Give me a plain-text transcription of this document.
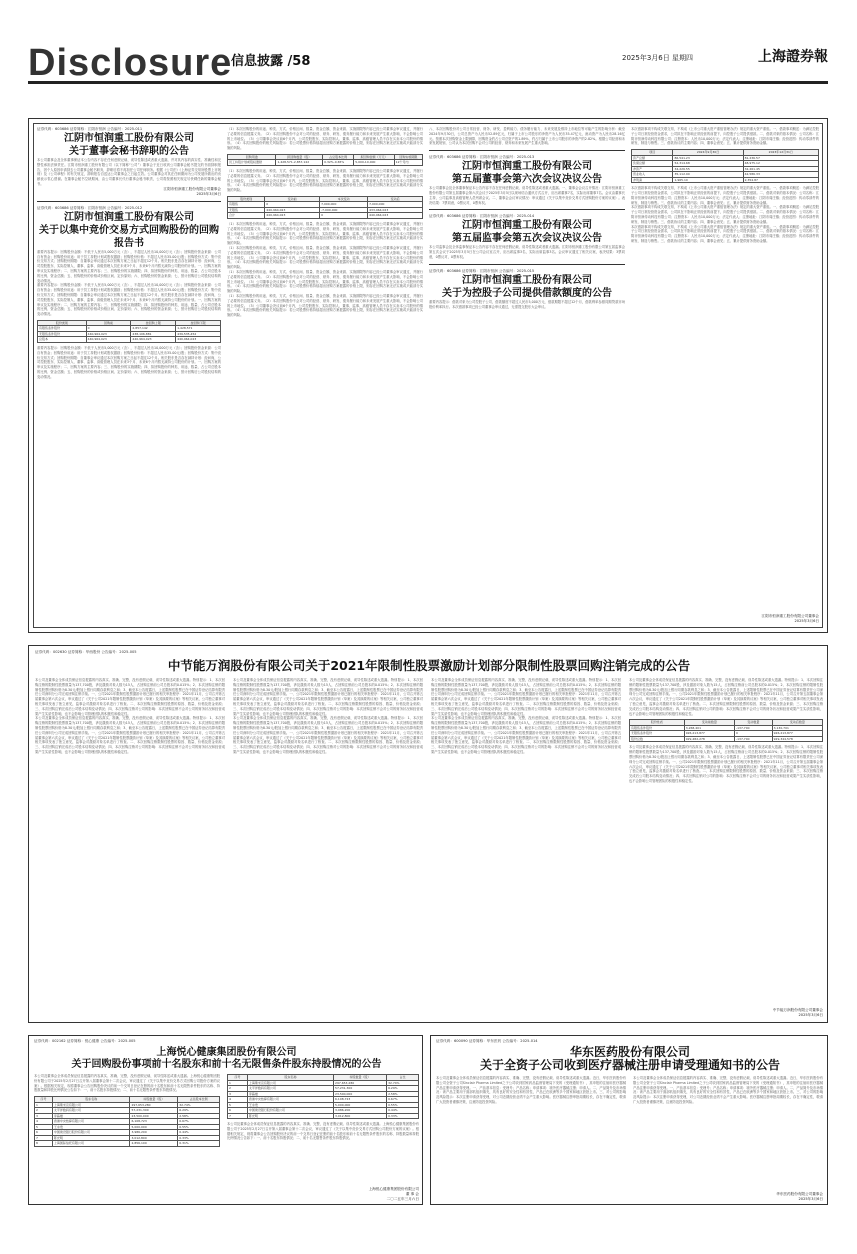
Disclosure
信息披露 /58	2025年3月6日 星期四	上海證券報
证券代码：603686 证券简称：江阴市恒润 公告编号：2025-011
江阴市恒润重工股份有限公司
关于董事会秘书辞职的公告
本公司董事会及全体董事保证本公告内容不存在任何虚假记载、误导性陈述或者重大遗漏，并对其内容的真实性、准确性和完整性承担法律责任。江阴市恒润重工股份有限公司（以下简称“公司”）董事会于近日收到公司董事会秘书提交的书面辞职报告，因个人原因申请辞去公司董事会秘书职务，辞职后将不再担任公司任何职务。根据《公司法》《上海证券交易所股票上市规则》及《公司章程》的有关规定，辞职报告自送达公司董事会之日起生效。公司董事会对其在任职期间为公司发展所做出的贡献表示衷心感谢。在董事会秘书空缺期间，由公司董事长代行董事会秘书职责，公司将按照相关规定尽快聘任新的董事会秘书。
江阴市恒润重工股份有限公司董事会
2025年3月6日
证券代码：603686 证券简称：江阴市恒润 公告编号：2025-012
江阴市恒润重工股份有限公司
关于以集中竞价交易方式回购股份的回购报告书
重要内容提示：回购股份金额：不低于人民币5,000万元（含），不超过人民币10,000万元（含）；回购股份资金来源：公司自有资金；回购股份用途：用于员工持股计划或股权激励；回购股份价格：不超过人民币35.00元/股；回购股份方式：集中竞价交易方式；回购股份期限：自董事会审议通过本次回购方案之日起不超过12个月。相关股东是否存在减持计划：经问询，公司控股股东、实际控制人、董事、监事、高级管理人员在未来3个月、未来6个月内暂无减持公司股份的计划。一、回购方案的审议及实施程序；二、回购方案的主要内容；三、回购股份的实施期限；四、拟回购股份的种类、用途、数量、占公司总股本的比例、资金总额；五、回购股份的价格或价格区间、定价原则；六、回购股份的资金来源；七、预计回购后公司股权结构的变动情况。
重要内容提示：回购股份金额：不低于人民币5,000万元（含），不超过人民币10,000万元（含）；回购股份资金来源：公司自有资金；回购股份用途：用于员工持股计划或股权激励；回购股份价格：不超过人民币35.00元/股；回购股份方式：集中竞价交易方式；回购股份期限：自董事会审议通过本次回购方案之日起不超过12个月。相关股东是否存在减持计划：经问询，公司控股股东、实际控制人、董事、监事、高级管理人员在未来3个月、未来6个月内暂无减持公司股份的计划。一、回购方案的审议及实施程序；二、回购方案的主要内容；三、回购股份的实施期限；四、拟回购股份的种类、用途、数量、占公司总股本的比例、资金总额；五、回购股份的价格或价格区间、定价原则；六、回购股份的资金来源；七、预计回购后公司股权结构的变动情况。
股份类别	回购前	按回购上限	按回购下限
有限售条件股份	0	2,857,142	1,428,571
无限售条件股份	440,964,023	438,106,881	439,535,452
总股本	440,964,023	440,964,023	440,964,023
重要内容提示：回购股份金额：不低于人民币5,000万元（含），不超过人民币10,000万元（含）；回购股份资金来源：公司自有资金；回购股份用途：用于员工持股计划或股权激励；回购股份价格：不超过人民币35.00元/股；回购股份方式：集中竞价交易方式；回购股份期限：自董事会审议通过本次回购方案之日起不超过12个月。相关股东是否存在减持计划：经问询，公司控股股东、实际控制人、董事、监事、高级管理人员在未来3个月、未来6个月内暂无减持公司股份的计划。一、回购方案的审议及实施程序；二、回购方案的主要内容；三、回购股份的实施期限；四、拟回购股份的种类、用途、数量、占公司总股本的比例、资金总额；五、回购股份的价格或价格区间、定价原则；六、回购股份的资金来源；七、预计回购后公司股权结构的变动情况。
（1）本次回购股份的用途、种类、方式、价格区间、数量、资金总额、资金来源、实施期限等内容已经公司董事会审议通过，并履行了必要的信息披露义务。（2）本次回购股份不会对公司的经营、财务、研发、债务履行能力和未来发展产生重大影响，不会影响公司的上市地位。（3）公司董事会决议前6个月内，公司控股股东、实际控制人、董事、监事、高级管理人员不存在买卖本公司股份的情形。（4）本次回购股份的相关风险提示：若公司股票价格持续超出回购方案披露的价格上限，则存在回购方案无法实施或只能部分实施的风险。
回购用途	拟回购数量（股）	占总股本比例	拟回购金额（万元）	回购实施期限
员工持股计划或股权激励	1,428,571-2,857,142	0.32%-0.65%	5,000-10,000	12个月内
（1）本次回购股份的用途、种类、方式、价格区间、数量、资金总额、资金来源、实施期限等内容已经公司董事会审议通过，并履行了必要的信息披露义务。（2）本次回购股份不会对公司的经营、财务、研发、债务履行能力和未来发展产生重大影响，不会影响公司的上市地位。（3）公司董事会决议前6个月内，公司控股股东、实际控制人、董事、监事、高级管理人员不存在买卖本公司股份的情形。（4）本次回购股份的相关风险提示：若公司股票价格持续超出回购方案披露的价格上限，则存在回购方案无法实施或只能部分实施的风险。
股份类别	变动前	本次变动	变动后
有限售	0	7,000,000	7,000,000
无限售	440,964,023	-7,000,000	433,964,023
合计	440,964,023	0	440,964,023
（1）本次回购股份的用途、种类、方式、价格区间、数量、资金总额、资金来源、实施期限等内容已经公司董事会审议通过，并履行了必要的信息披露义务。（2）本次回购股份不会对公司的经营、财务、研发、债务履行能力和未来发展产生重大影响，不会影响公司的上市地位。（3）公司董事会决议前6个月内，公司控股股东、实际控制人、董事、监事、高级管理人员不存在买卖本公司股份的情形。（4）本次回购股份的相关风险提示：若公司股票价格持续超出回购方案披露的价格上限，则存在回购方案无法实施或只能部分实施的风险。
（1）本次回购股份的用途、种类、方式、价格区间、数量、资金总额、资金来源、实施期限等内容已经公司董事会审议通过，并履行了必要的信息披露义务。（2）本次回购股份不会对公司的经营、财务、研发、债务履行能力和未来发展产生重大影响，不会影响公司的上市地位。（3）公司董事会决议前6个月内，公司控股股东、实际控制人、董事、监事、高级管理人员不存在买卖本公司股份的情形。（4）本次回购股份的相关风险提示：若公司股票价格持续超出回购方案披露的价格上限，则存在回购方案无法实施或只能部分实施的风险。
（1）本次回购股份的用途、种类、方式、价格区间、数量、资金总额、资金来源、实施期限等内容已经公司董事会审议通过，并履行了必要的信息披露义务。（2）本次回购股份不会对公司的经营、财务、研发、债务履行能力和未来发展产生重大影响，不会影响公司的上市地位。（3）公司董事会决议前6个月内，公司控股股东、实际控制人、董事、监事、高级管理人员不存在买卖本公司股份的情形。（4）本次回购股份的相关风险提示：若公司股票价格持续超出回购方案披露的价格上限，则存在回购方案无法实施或只能部分实施的风险。
（1）本次回购股份的用途、种类、方式、价格区间、数量、资金总额、资金来源、实施期限等内容已经公司董事会审议通过，并履行了必要的信息披露义务。（2）本次回购股份不会对公司的经营、财务、研发、债务履行能力和未来发展产生重大影响，不会影响公司的上市地位。（3）公司董事会决议前6个月内，公司控股股东、实际控制人、董事、监事、高级管理人员不存在买卖本公司股份的情形。（4）本次回购股份的相关风险提示：若公司股票价格持续超出回购方案披露的价格上限，则存在回购方案无法实施或只能部分实施的风险。
八、本次回购股份对公司日常经营、财务、研发、盈利能力、债务履行能力、未来发展及维持上市地位等可能产生的影响分析：截至2024年9月30日，公司总资产为人民币52.89亿元，归属于上市公司股东的净资产为人民币35.47亿元，流动资产为人民币28.16亿元。按照本次回购资金上限测算，回购资金约占公司总资产的1.89%，约占归属于上市公司股东的净资产的2.82%。根据公司经营和未来发展规划，公司认为本次回购不会对公司的经营、财务和未来发展产生重大影响。
证券代码：603686 证券简称：江阴市恒润 公告编号：2025-013
江阴市恒润重工股份有限公司
第五届董事会第六次会议决议公告
本公司董事会及全体董事保证本公告内容不存在任何虚假记载、误导性陈述或者重大遗漏。一、董事会会议召开情况：江阴市恒润重工股份有限公司第五届董事会第六次会议于2025年3月5日以现场结合通讯方式召开，应出席董事7名，实际出席董事7名。会议由董事长主持，公司监事及高级管理人员列席会议。二、董事会会议审议情况：审议通过《关于以集中竞价交易方式回购股份方案的议案》。表决结果：7票同意，0票反对，0票弃权。
证券代码：603686 证券简称：江阴市恒润 公告编号：2025-014
江阴市恒润重工股份有限公司
第五届监事会第五次会议决议公告
本公司监事会及全体监事保证本公告内容不存在任何虚假记载、误导性陈述或者重大遗漏。江阴市恒润重工股份有限公司第五届监事会第五次会议于2025年3月5日在公司会议室召开，应出席监事3名，实际出席监事3名。会议审议通过了相关议案，表决结果：3票同意，0票反对，0票弃权。
证券代码：603686 证券简称：江阴市恒润 公告编号：2025-015
江阴市恒润重工股份有限公司
关于为控股子公司提供借款额度的公告
重要内容提示：借款对象为公司控股子公司，借款额度不超过人民币5,000万元，借款期限不超过12个月，借款利率参照同期贷款市场报价利率执行。本次借款事项已经公司董事会审议通过，无需提交股东大会审议。
本次借款事项不构成关联交易，不构成《上市公司重大资产重组管理办法》规定的重大资产重组。一、借款事项概述：为满足控股子公司日常经营资金需求，公司拟在不影响正常经营的前提下，向控股子公司提供借款。二、借款对象的基本情况：公司名称：江阴市恒润传动科技有限公司；注册资本：人民币10,000万元；法定代表人；注册地址：江阴市周庄镇；经营范围：传动零部件的研发、制造与销售。三、借款协议的主要内容；四、董事会意见；五、累计提供财务资助金额。
项目	2024年9月30日	2023年12月31日
资产总额	86,541.23	81,236.57
负债总额	52,314.68	48,975.12
净资产	34,226.55	32,261.45
营业收入	35,112.90	42,586.33
净利润	1,965.10	2,354.87
本次借款事项不构成关联交易，不构成《上市公司重大资产重组管理办法》规定的重大资产重组。一、借款事项概述：为满足控股子公司日常经营资金需求，公司拟在不影响正常经营的前提下，向控股子公司提供借款。二、借款对象的基本情况：公司名称：江阴市恒润传动科技有限公司；注册资本：人民币10,000万元；法定代表人；注册地址：江阴市周庄镇；经营范围：传动零部件的研发、制造与销售。三、借款协议的主要内容；四、董事会意见；五、累计提供财务资助金额。
本次借款事项不构成关联交易，不构成《上市公司重大资产重组管理办法》规定的重大资产重组。一、借款事项概述：为满足控股子公司日常经营资金需求，公司拟在不影响正常经营的前提下，向控股子公司提供借款。二、借款对象的基本情况：公司名称：江阴市恒润传动科技有限公司；注册资本：人民币10,000万元；法定代表人；注册地址：江阴市周庄镇；经营范围：传动零部件的研发、制造与销售。三、借款协议的主要内容；四、董事会意见；五、累计提供财务资助金额。
本次借款事项不构成关联交易，不构成《上市公司重大资产重组管理办法》规定的重大资产重组。一、借款事项概述：为满足控股子公司日常经营资金需求，公司拟在不影响正常经营的前提下，向控股子公司提供借款。二、借款对象的基本情况：公司名称：江阴市恒润传动科技有限公司；注册资本：人民币10,000万元；法定代表人；注册地址：江阴市周庄镇；经营范围：传动零部件的研发、制造与销售。三、借款协议的主要内容；四、董事会意见；五、累计提供财务资助金额。
江阴市恒润重工股份有限公司董事会
2025年3月6日
证券代码：002630 证券简称：华西股份 公告编号：2025-005
中节能万润股份有限公司关于2021年限制性股票激励计划部分限制性股票回购注销完成的公告
本公司及董事会全体成员保证信息披露的内容真实、准确、完整，没有虚假记载、误导性陈述或重大遗漏。特别提示：1、本次回购注销的限制性股票数量为137,700股，涉及激励对象人数为15人，占回购注销前公司总股本的0.015%；2、本次回购注销的限制性股票回购价格为8.30元/股加上银行同期存款利息之和；3、截至本公告披露日，上述限制性股票已在中国证券登记结算有限责任公司深圳分公司完成回购注销手续。一、公司2021年限制性股票激励计划已履行的相关审批程序：2021年11月，公司召开第五届董事会第六次会议，审议通过了《关于公司2021年限制性股票激励计划（草案）及其摘要的议案》等相关议案，公司独立董事对相关事项发表了独立意见，监事会对激励对象名单进行了核查。二、本次回购注销限制性股票的原因、数量、价格及资金来源；三、本次回购注销完成后公司股本结构变动情况；四、本次回购注销对公司的影响：本次回购注销不会对公司的财务状况和经营成果产生实质性影响，也不会影响公司管理团队的积极性和稳定性。
本公司及董事会全体成员保证信息披露的内容真实、准确、完整，没有虚假记载、误导性陈述或重大遗漏。特别提示：1、本次回购注销的限制性股票数量为137,700股，涉及激励对象人数为15人，占回购注销前公司总股本的0.015%；2、本次回购注销的限制性股票回购价格为8.30元/股加上银行同期存款利息之和；3、截至本公告披露日，上述限制性股票已在中国证券登记结算有限责任公司深圳分公司完成回购注销手续。一、公司2021年限制性股票激励计划已履行的相关审批程序：2021年11月，公司召开第五届董事会第六次会议，审议通过了《关于公司2021年限制性股票激励计划（草案）及其摘要的议案》等相关议案，公司独立董事对相关事项发表了独立意见，监事会对激励对象名单进行了核查。二、本次回购注销限制性股票的原因、数量、价格及资金来源；三、本次回购注销完成后公司股本结构变动情况；四、本次回购注销对公司的影响：本次回购注销不会对公司的财务状况和经营成果产生实质性影响，也不会影响公司管理团队的积极性和稳定性。
本公司及董事会全体成员保证信息披露的内容真实、准确、完整，没有虚假记载、误导性陈述或重大遗漏。特别提示：1、本次回购注销的限制性股票数量为137,700股，涉及激励对象人数为15人，占回购注销前公司总股本的0.015%；2、本次回购注销的限制性股票回购价格为8.30元/股加上银行同期存款利息之和；3、截至本公告披露日，上述限制性股票已在中国证券登记结算有限责任公司深圳分公司完成回购注销手续。一、公司2021年限制性股票激励计划已履行的相关审批程序：2021年11月，公司召开第五届董事会第六次会议，审议通过了《关于公司2021年限制性股票激励计划（草案）及其摘要的议案》等相关议案，公司独立董事对相关事项发表了独立意见，监事会对激励对象名单进行了核查。二、本次回购注销限制性股票的原因、数量、价格及资金来源；三、本次回购注销完成后公司股本结构变动情况；四、本次回购注销对公司的影响：本次回购注销不会对公司的财务状况和经营成果产生实质性影响，也不会影响公司管理团队的积极性和稳定性。
本公司及董事会全体成员保证信息披露的内容真实、准确、完整，没有虚假记载、误导性陈述或重大遗漏。特别提示：1、本次回购注销的限制性股票数量为137,700股，涉及激励对象人数为15人，占回购注销前公司总股本的0.015%；2、本次回购注销的限制性股票回购价格为8.30元/股加上银行同期存款利息之和；3、截至本公告披露日，上述限制性股票已在中国证券登记结算有限责任公司深圳分公司完成回购注销手续。一、公司2021年限制性股票激励计划已履行的相关审批程序：2021年11月，公司召开第五届董事会第六次会议，审议通过了《关于公司2021年限制性股票激励计划（草案）及其摘要的议案》等相关议案，公司独立董事对相关事项发表了独立意见，监事会对激励对象名单进行了核查。二、本次回购注销限制性股票的原因、数量、价格及资金来源；三、本次回购注销完成后公司股本结构变动情况；四、本次回购注销对公司的影响：本次回购注销不会对公司的财务状况和经营成果产生实质性影响，也不会影响公司管理团队的积极性和稳定性。
本公司及董事会全体成员保证信息披露的内容真实、准确、完整，没有虚假记载、误导性陈述或重大遗漏。特别提示：1、本次回购注销的限制性股票数量为137,700股，涉及激励对象人数为15人，占回购注销前公司总股本的0.015%；2、本次回购注销的限制性股票回购价格为8.30元/股加上银行同期存款利息之和；3、截至本公告披露日，上述限制性股票已在中国证券登记结算有限责任公司深圳分公司完成回购注销手续。一、公司2021年限制性股票激励计划已履行的相关审批程序：2021年11月，公司召开第五届董事会第六次会议，审议通过了《关于公司2021年限制性股票激励计划（草案）及其摘要的议案》等相关议案，公司独立董事对相关事项发表了独立意见，监事会对激励对象名单进行了核查。二、本次回购注销限制性股票的原因、数量、价格及资金来源；三、本次回购注销完成后公司股本结构变动情况；四、本次回购注销对公司的影响：本次回购注销不会对公司的财务状况和经营成果产生实质性影响，也不会影响公司管理团队的积极性和稳定性。
本公司及董事会全体成员保证信息披露的内容真实、准确、完整，没有虚假记载、误导性陈述或重大遗漏。特别提示：1、本次回购注销的限制性股票数量为137,700股，涉及激励对象人数为15人，占回购注销前公司总股本的0.015%；2、本次回购注销的限制性股票回购价格为8.30元/股加上银行同期存款利息之和；3、截至本公告披露日，上述限制性股票已在中国证券登记结算有限责任公司深圳分公司完成回购注销手续。一、公司2021年限制性股票激励计划已履行的相关审批程序：2021年11月，公司召开第五届董事会第六次会议，审议通过了《关于公司2021年限制性股票激励计划（草案）及其摘要的议案》等相关议案，公司独立董事对相关事项发表了独立意见，监事会对激励对象名单进行了核查。二、本次回购注销限制性股票的原因、数量、价格及资金来源；三、本次回购注销完成后公司股本结构变动情况；四、本次回购注销对公司的影响：本次回购注销不会对公司的财务状况和经营成果产生实质性影响，也不会影响公司管理团队的积极性和稳定性。
本公司及董事会全体成员保证信息披露的内容真实、准确、完整，没有虚假记载、误导性陈述或重大遗漏。特别提示：1、本次回购注销的限制性股票数量为137,700股，涉及激励对象人数为15人，占回购注销前公司总股本的0.015%；2、本次回购注销的限制性股票回购价格为8.30元/股加上银行同期存款利息之和；3、截至本公告披露日，上述限制性股票已在中国证券登记结算有限责任公司深圳分公司完成回购注销手续。一、公司2021年限制性股票激励计划已履行的相关审批程序：2021年11月，公司召开第五届董事会第六次会议，审议通过了《关于公司2021年限制性股票激励计划（草案）及其摘要的议案》等相关议案，公司独立董事对相关事项发表了独立意见，监事会对激励对象名单进行了核查。二、本次回购注销限制性股票的原因、数量、价格及资金来源；三、本次回购注销完成后公司股本结构变动情况；四、本次回购注销对公司的影响：本次回购注销不会对公司的财务状况和经营成果产生实质性影响，也不会影响公司管理团队的积极性和稳定性。
股份性质	变动前数量	变动数量	变动后数量
有限售条件股份	3,268,401	-137,700	3,130,701
无限售条件股份	926,213,877	0	926,213,877
股份总数	929,482,278	-137,700	929,344,578
本公司及董事会全体成员保证信息披露的内容真实、准确、完整，没有虚假记载、误导性陈述或重大遗漏。特别提示：1、本次回购注销的限制性股票数量为137,700股，涉及激励对象人数为15人，占回购注销前公司总股本的0.015%；2、本次回购注销的限制性股票回购价格为8.30元/股加上银行同期存款利息之和；3、截至本公告披露日，上述限制性股票已在中国证券登记结算有限责任公司深圳分公司完成回购注销手续。一、公司2021年限制性股票激励计划已履行的相关审批程序：2021年11月，公司召开第五届董事会第六次会议，审议通过了《关于公司2021年限制性股票激励计划（草案）及其摘要的议案》等相关议案，公司独立董事对相关事项发表了独立意见，监事会对激励对象名单进行了核查。二、本次回购注销限制性股票的原因、数量、价格及资金来源；三、本次回购注销完成后公司股本结构变动情况；四、本次回购注销对公司的影响：本次回购注销不会对公司的财务状况和经营成果产生实质性影响，也不会影响公司管理团队的积极性和稳定性。
中节能万润股份有限公司董事会
2025年3月6日
证券代码：002162 证券简称：悦心健康 公告编号：2025-005
上海悦心健康集团股份有限公司
关于回购股份事项前十名股东和前十名无限售条件股东持股情况的公告
本公司及董事会全体成员保证信息披露的内容真实、准确、完整，没有虚假记载、误导性陈述或重大遗漏。上海悦心健康集团股份有限公司于2025年2月27日召开第八届董事会第十二次会议，审议通过了《关于以集中竞价交易方式回购公司股份方案的议案》。根据相关规定，现将董事会公告回购股份决议的前一个交易日登记在册的前十名股东和前十名无限售条件股东的名称、持股数量和持股比例情况公告如下：一、前十名股东持股情况；二、前十名无限售条件股东持股情况。
序号	股东名称	持股数量（股）	占总股本比例
1	上海斯米克有限公司	297,653,280	32.74%
2	太平洋数码有限公司	57,231,300	6.29%
3	李慈雄	23,500,000	2.58%
4	香港中央结算有限公司	6,108,723	0.67%
5	王永贵	5,000,000	0.55%
6	中国建设银行股份有限公司	3,986,200	0.44%
7	陈光明	3,012,800	0.33%
8	上海国际信托有限公司	2,856,100	0.31%
序号	股东名称	持股数量（股）	占比
1	上海斯米克有限公司	297,653,280	32.74%
2	太平洋数码有限公司	57,231,300	6.29%
3	李慈雄	23,500,000	2.58%
4	香港中央结算有限公司	6,108,723	0.67%
5	王永贵	5,000,000	0.55%
6	中国建设银行股份有限公司	3,986,200	0.44%
7	陈光明	3,012,800	0.33%
本公司及董事会全体成员保证信息披露的内容真实、准确、完整，没有虚假记载、误导性陈述或重大遗漏。上海悦心健康集团股份有限公司于2025年2月27日召开第八届董事会第十二次会议，审议通过了《关于以集中竞价交易方式回购公司股份方案的议案》。根据相关规定，现将董事会公告回购股份决议的前一个交易日登记在册的前十名股东和前十名无限售条件股东的名称、持股数量和持股比例情况公告如下：一、前十名股东持股情况；二、前十名无限售条件股东持股情况。
上海悦心健康集团股份有限公司
董 事 会
二〇二五年三月六日
证券代码：600090 证券简称：华东医药 公告编号：2025-014
华东医药股份有限公司
关于全资子公司收到医疗器械注册申请受理通知书的公告
本公司及董事会全体成员保证信息披露的内容真实、准确、完整，没有虚假记载、误导性陈述或重大遗漏。近日，华东医药股份有限公司全资子公司Sinclair Pharma Limited之子公司收到国家药品监督管理局下发的《受理通知书》，其申报的注射用医疗器械产品注册申请获得受理。一、产品基本信息：受理号；产品名称；申请事项：境外医疗器械注册；申请人。二、产品简介及市场情况：该产品主要用于面部软组织填充，具有良好的安全性和有效性，产品已在欧洲等多个国家和地区获批上市。三、对公司的影响及风险提示：本次注册申请获得受理，对公司近期经营业绩不会产生重大影响。医疗器械注册审批周期较长，存在不确定性，敬请广大投资者谨慎决策，注意防范投资风险。
本公司及董事会全体成员保证信息披露的内容真实、准确、完整，没有虚假记载、误导性陈述或重大遗漏。近日，华东医药股份有限公司全资子公司Sinclair Pharma Limited之子公司收到国家药品监督管理局下发的《受理通知书》，其申报的注射用医疗器械产品注册申请获得受理。一、产品基本信息：受理号；产品名称；申请事项：境外医疗器械注册；申请人。二、产品简介及市场情况：该产品主要用于面部软组织填充，具有良好的安全性和有效性，产品已在欧洲等多个国家和地区获批上市。三、对公司的影响及风险提示：本次注册申请获得受理，对公司近期经营业绩不会产生重大影响。医疗器械注册审批周期较长，存在不确定性，敬请广大投资者谨慎决策，注意防范投资风险。
华东医药股份有限公司董事会
2025年3月6日
